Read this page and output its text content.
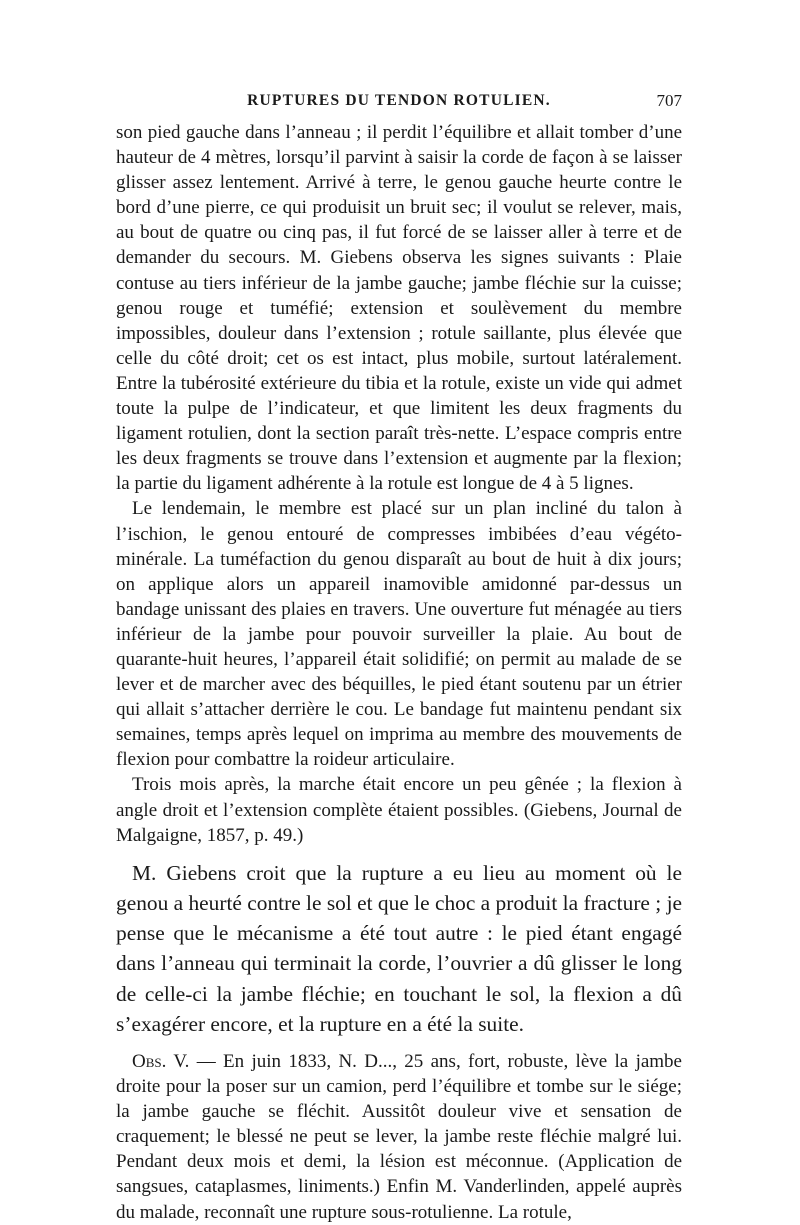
RUPTURES DU TENDON ROTULIEN.	707

son pied gauche dans l’anneau ; il perdit l’équilibre et allait tomber d’une hauteur de 4 mètres, lorsqu’il parvint à saisir la corde de façon à se laisser glisser assez lentement. Arrivé à terre, le genou gauche heurte contre le bord d’une pierre, ce qui produisit un bruit sec; il voulut se relever, mais, au bout de quatre ou cinq pas, il fut forcé de se laisser aller à terre et de demander du secours. M. Giebens observa les signes suivants : Plaie contuse au tiers inférieur de la jambe gauche; jambe fléchie sur la cuisse; genou rouge et tuméfié; extension et soulèvement du membre impossibles, douleur dans l’extension ; rotule saillante, plus élevée que celle du côté droit; cet os est intact, plus mobile, surtout latéralement. Entre la tubérosité extérieure du tibia et la rotule, existe un vide qui admet toute la pulpe de l’indicateur, et que limitent les deux fragments du ligament rotulien, dont la section paraît très-nette. L’espace compris entre les deux fragments se trouve dans l’extension et augmente par la flexion; la partie du ligament adhérente à la rotule est longue de 4 à 5 lignes.

Le lendemain, le membre est placé sur un plan incliné du talon à l’ischion, le genou entouré de compresses imbibées d’eau végéto-minérale. La tuméfaction du genou disparaît au bout de huit à dix jours; on applique alors un appareil inamovible amidonné par-dessus un bandage unissant des plaies en travers. Une ouverture fut ménagée au tiers inférieur de la jambe pour pouvoir surveiller la plaie. Au bout de quarante-huit heures, l’appareil était solidifié; on permit au malade de se lever et de marcher avec des béquilles, le pied étant soutenu par un étrier qui allait s’attacher derrière le cou. Le bandage fut maintenu pendant six semaines, temps après lequel on imprima au membre des mouvements de flexion pour combattre la roideur articulaire.

Trois mois après, la marche était encore un peu gênée ; la flexion à angle droit et l’extension complète étaient possibles. (Giebens, Journal de Malgaigne, 1857, p. 49.)

M. Giebens croit que la rupture a eu lieu au moment où le genou a heurté contre le sol et que le choc a produit la fracture ; je pense que le mécanisme a été tout autre : le pied étant engagé dans l’anneau qui terminait la corde, l’ouvrier a dû glisser le long de celle-ci la jambe fléchie; en touchant le sol, la flexion a dû s’exagérer encore, et la rupture en a été la suite.

Obs. V. — En juin 1833, N. D..., 25 ans, fort, robuste, lève la jambe droite pour la poser sur un camion, perd l’équilibre et tombe sur le siége; la jambe gauche se fléchit. Aussitôt douleur vive et sensation de craquement; le blessé ne peut se lever, la jambe reste fléchie malgré lui. Pendant deux mois et demi, la lésion est méconnue. (Application de sangsues, cataplasmes, liniments.) Enfin M. Vanderlinden, appelé auprès du malade, reconnaît une rupture sous-rotulienne. La rotule,
